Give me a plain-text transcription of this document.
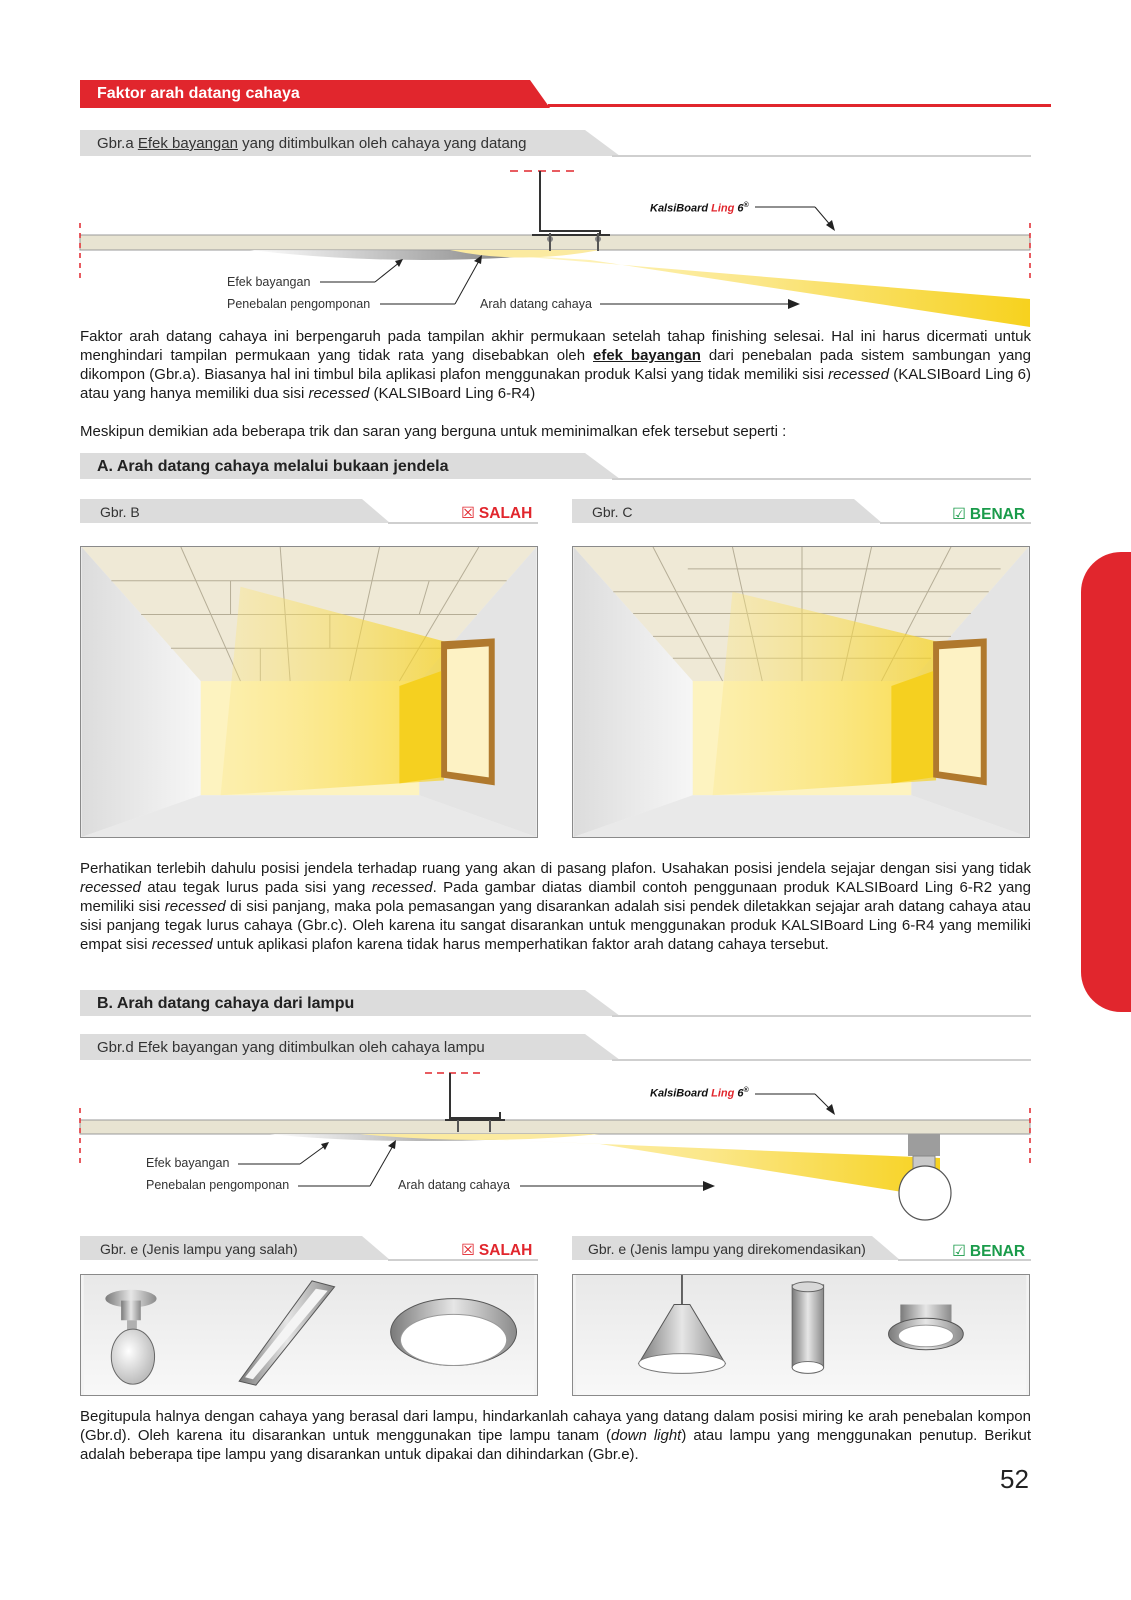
Faktor arah datang cahaya
Gbr.a Efek bayangan yang ditimbulkan oleh cahaya yang datang
KalsiBoard Ling 6®
Efek bayangan
Penebalan pengomponan	Arah datang cahaya
Faktor arah datang cahaya ini berpengaruh pada tampilan akhir permukaan setelah tahap finishing selesai. Hal ini harus dicermati untuk menghindari tampilan permukaan yang tidak rata yang disebabkan oleh efek bayangan dari penebalan pada sistem sambungan yang dikompon (Gbr.a). Biasanya hal ini timbul bila aplikasi plafon menggunakan produk Kalsi yang tidak memiliki sisi recessed (KALSIBoard Ling 6) atau yang hanya memiliki dua sisi recessed (KALSIBoard Ling 6-R4)
Meskipun demikian ada beberapa trik dan saran yang berguna untuk meminimalkan efek tersebut seperti :
A. Arah datang cahaya melalui bukaan jendela
Gbr. B	☒ SALAH	Gbr. C	☑ BENAR
Perhatikan terlebih dahulu posisi jendela terhadap ruang yang akan di pasang plafon. Usahakan posisi jendela sejajar dengan sisi yang tidak recessed atau tegak lurus pada sisi yang recessed. Pada gambar diatas diambil contoh penggunaan produk KALSIBoard Ling 6-R2 yang memiliki sisi recessed di sisi panjang, maka pola pemasangan yang disarankan adalah sisi pendek diletakkan sejajar arah datang cahaya atau sisi panjang tegak lurus cahaya (Gbr.c). Oleh karena itu sangat disarankan untuk menggunakan produk KALSIBoard Ling 6-R4 yang memiliki empat sisi recessed untuk aplikasi plafon karena tidak harus memperhatikan faktor arah datang cahaya tersebut.
B. Arah datang cahaya dari lampu
Gbr.d Efek bayangan yang ditimbulkan oleh cahaya lampu
KalsiBoard Ling 6®
Efek bayangan
Penebalan pengomponan	Arah datang cahaya
Gbr. e (Jenis lampu yang salah)	☒ SALAH	Gbr. e (Jenis lampu yang direkomendasikan)	☑ BENAR
Begitupula halnya dengan cahaya yang berasal dari lampu, hindarkanlah cahaya yang datang dalam posisi miring ke arah penebalan kompon (Gbr.d). Oleh karena itu disarankan untuk menggunakan tipe lampu tanam (down light) atau lampu yang menggunakan penutup. Berikut adalah beberapa tipe lampu yang disarankan untuk dipakai dan dihindarkan (Gbr.e).
52
